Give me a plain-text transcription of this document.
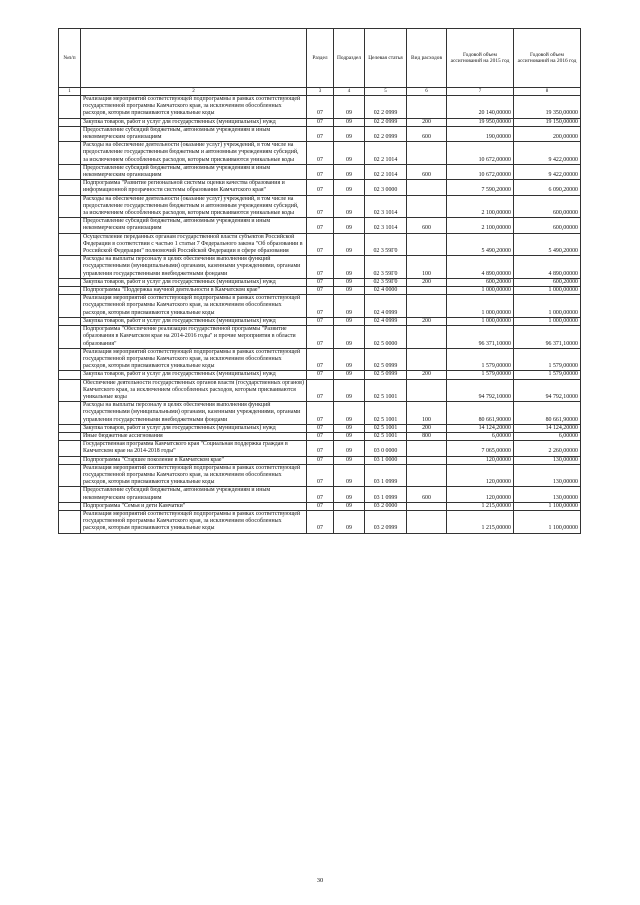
№п/п		Раздел	Подраздел	Целевая статья	Вид расходов	Годовой объем ассигнований на 2015 год	Годовой объем ассигнований на 2016 год
1	2	3	4	5	6	7	8
	Реализация мероприятий соответствующей подпрограммы в рамках соответствующей государственной программы Камчатского края, за исключением обособленных расходов, которым присваиваются уникальные коды	07	09	02 2 0999		20 140,00000	19 350,00000
	Закупка товаров, работ и услуг для государственных (муниципальных) нужд	07	09	02 2 0999	200	19 950,00000	19 150,00000
	Предоставление субсидий бюджетным, автономным учреждениям и иным некоммерческим организациям	07	09	02 2 0999	600	190,00000	200,00000
	Расходы на обеспечение деятельности (оказание услуг) учреждений, в том числе на предоставление государственным бюджетным и автономным учреждениям субсидий, за исключением обособленных расходов, которым присваиваются уникальные коды	07	09	02 2 1014		10 672,00000	9 422,00000
	Предоставление субсидий бюджетным, автономным учреждениям и иным некоммерческим организациям	07	09	02 2 1014	600	10 672,00000	9 422,00000
	Подпрограмма "Развитие региональной системы оценки качества образования и информационной прозрачности системы образования Камчатского края"	07	09	02 3 0000		7 590,20000	6 090,20000
	Расходы на обеспечение деятельности (оказание услуг) учреждений, в том числе на предоставление государственным бюджетным и автономным учреждениям субсидий, за исключением обособленных расходов, которым присваиваются уникальные коды	07	09	02 3 1014		2 100,00000	600,00000
	Предоставление субсидий бюджетным, автономным учреждениям и иным некоммерческим организациям	07	09	02 3 1014	600	2 100,00000	600,00000
	Осуществление переданных органам государственной власти субъектов Российской Федерации в соответствии с частью 1 статьи 7 Федерального закона "Об образовании в Российской Федерации" полномочий Российской Федерации в сфере образования	07	09	02 3 59Г0		5 490,20000	5 490,20000
	Расходы на выплаты персоналу в целях обеспечения выполнения функций государственными (муниципальными) органами, казенными учреждениями, органами управления государственными внебюджетными фондами	07	09	02 3 59Г0	100	4 890,00000	4 890,00000
	Закупка товаров, работ и услуг для государственных (муниципальных) нужд	07	09	02 3 59Г0	200	600,20000	600,20000
	Подпрограмма "Поддержка научной деятельности в Камчатском крае"	07	09	02 4 0000		1 000,00000	1 000,00000
	Реализация мероприятий соответствующей подпрограммы в рамках соответствующей государственной программы Камчатского края, за исключением обособленных расходов, которым присваиваются уникальные коды	07	09	02 4 0999		1 000,00000	1 000,00000
	Закупка товаров, работ и услуг для государственных (муниципальных) нужд	07	09	02 4 0999	200	1 000,00000	1 000,00000
	Подпрограмма "Обеспечение реализации государственной программы "Развитие образования в Камчатском крае на 2014-2016 годы" и прочие мероприятия в области образования"	07	09	02 5 0000		96 371,10000	96 371,10000
	Реализация мероприятий соответствующей подпрограммы в рамках соответствующей государственной программы Камчатского края, за исключением обособленных расходов, которым присваиваются уникальные коды	07	09	02 5 0999		1 579,00000	1 579,00000
	Закупка товаров, работ и услуг для государственных (муниципальных) нужд	07	09	02 5 0999	200	1 579,00000	1 579,00000
	Обеспечение деятельности государственных органов власти (государственных органов) Камчатского края, за исключением обособленных расходов, которым присваиваются уникальные коды	07	09	02 5 1001		94 792,10000	94 792,10000
	Расходы на выплаты персоналу в целях обеспечения выполнения функций государственными (муниципальными) органами, казенными учреждениями, органами управления государственными внебюджетными фондами	07	09	02 5 1001	100	80 661,90000	80 661,90000
	Закупка товаров, работ и услуг для государственных (муниципальных) нужд	07	09	02 5 1001	200	14 124,20000	14 124,20000
	Иные бюджетные ассигнования	07	09	02 5 1001	800	6,00000	6,00000
	Государственная программа Камчатского края "Социальная поддержка граждан в Камчатском крае на 2014-2018 годы"	07	09	03 0 0000		7 065,00000	2 260,00000
	Подпрограмма "Старшее поколение в Камчатском крае"	07	09	03 1 0000		120,00000	130,00000
	Реализация мероприятий соответствующей подпрограммы в рамках соответствующей государственной программы Камчатского края, за исключением обособленных расходов, которым присваиваются уникальные коды	07	09	03 1 0999		120,00000	130,00000
	Предоставление субсидий бюджетным, автономным учреждениям и иным некоммерческим организациям	07	09	03 1 0999	600	120,00000	130,00000
	Подпрограмма "Семья и дети Камчатки"	07	09	03 2 0000		1 215,00000	1 100,00000
	Реализация мероприятий соответствующей подпрограммы в рамках соответствующей государственной программы Камчатского края, за исключением обособленных расходов, которым присваиваются уникальные коды	07	09	03 2 0999		1 215,00000	1 100,00000
30
